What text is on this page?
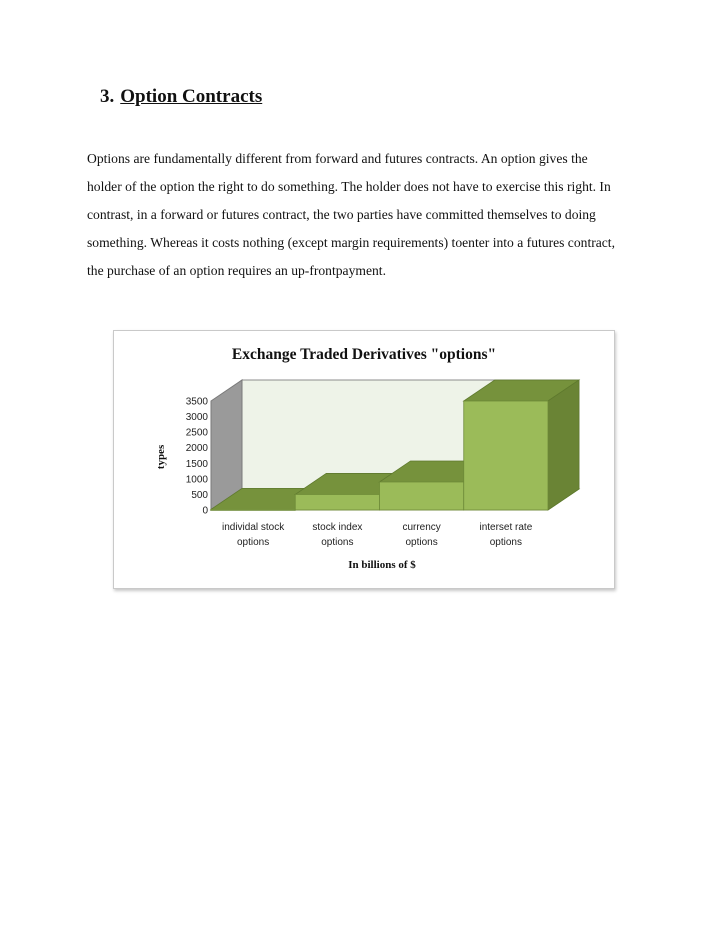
3. Option Contracts
Options are fundamentally different from forward and futures contracts. An option gives the
holder of the option the right to do something. The holder does not have to exercise this right. In
contrast, in a forward or futures contract, the two parties have committed themselves to doing
something. Whereas it costs nothing (except margin requirements) toenter into a futures contract,
the purchase of an option requires an up-frontpayment.
Exchange Traded Derivatives "options"
0
500
1000
1500
2000
2500
3000
3500
individal stock options
stock index options
currency options
interset rate options
types
In billions of $
